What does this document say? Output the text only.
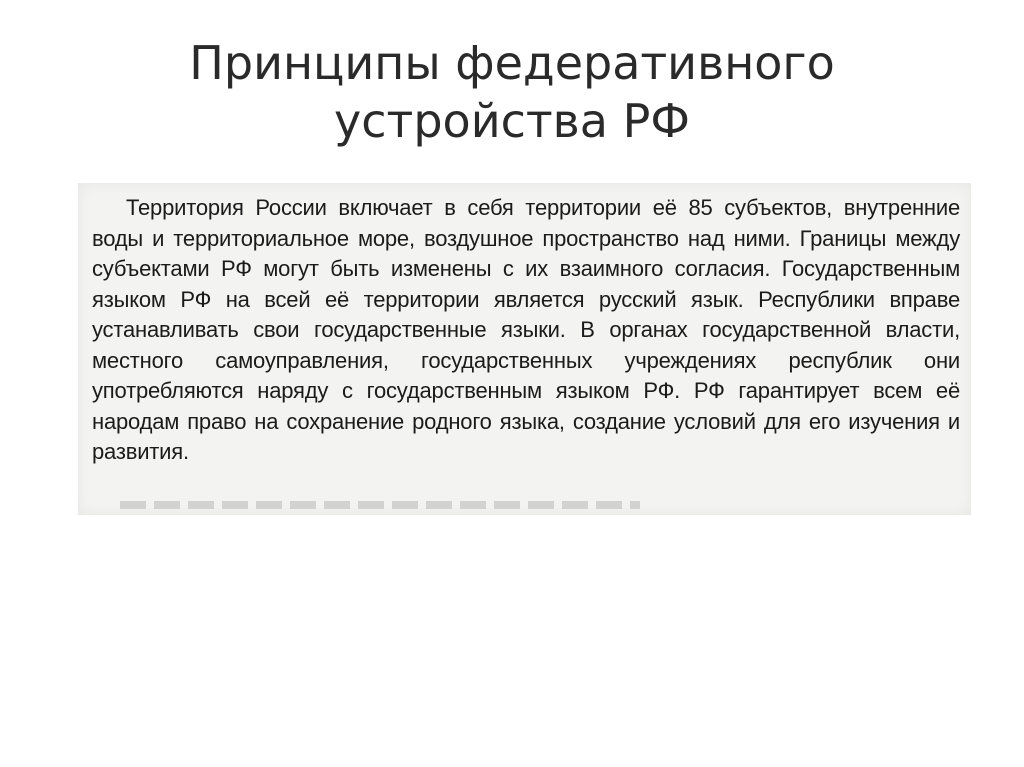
Принципы федеративного
устройства РФ

Территория России включает в себя территории её 85 субъектов, внутренние воды и территориальное море, воздушное пространство над ними. Границы между субъектами РФ могут быть изменены с их взаимного согласия. Государственным языком РФ на всей её территории является русский язык. Республики вправе устанавливать свои государственные языки. В органах государственной власти, местного самоуправления, государственных учреждениях республик они употребляются наряду с государственным языком РФ. РФ гарантирует всем её народам право на сохранение родного языка, создание условий для его изучения и развития.
